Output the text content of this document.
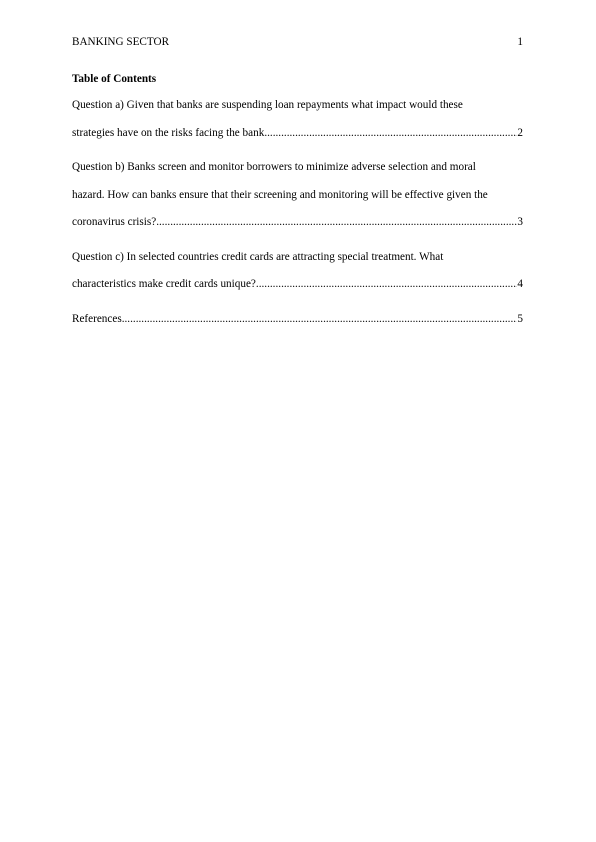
BANKING SECTOR	1
Table of Contents
Question a) Given that banks are suspending loan repayments what impact would these
strategies have on the risks facing the bank .....	2
Question b) Banks screen and monitor borrowers to minimize adverse selection and moral
hazard. How can banks ensure that their screening and monitoring will be effective given the
coronavirus crisis? .....	3
Question c) In selected countries credit cards are attracting special treatment. What
characteristics make credit cards unique? .....	4
References .....	5
